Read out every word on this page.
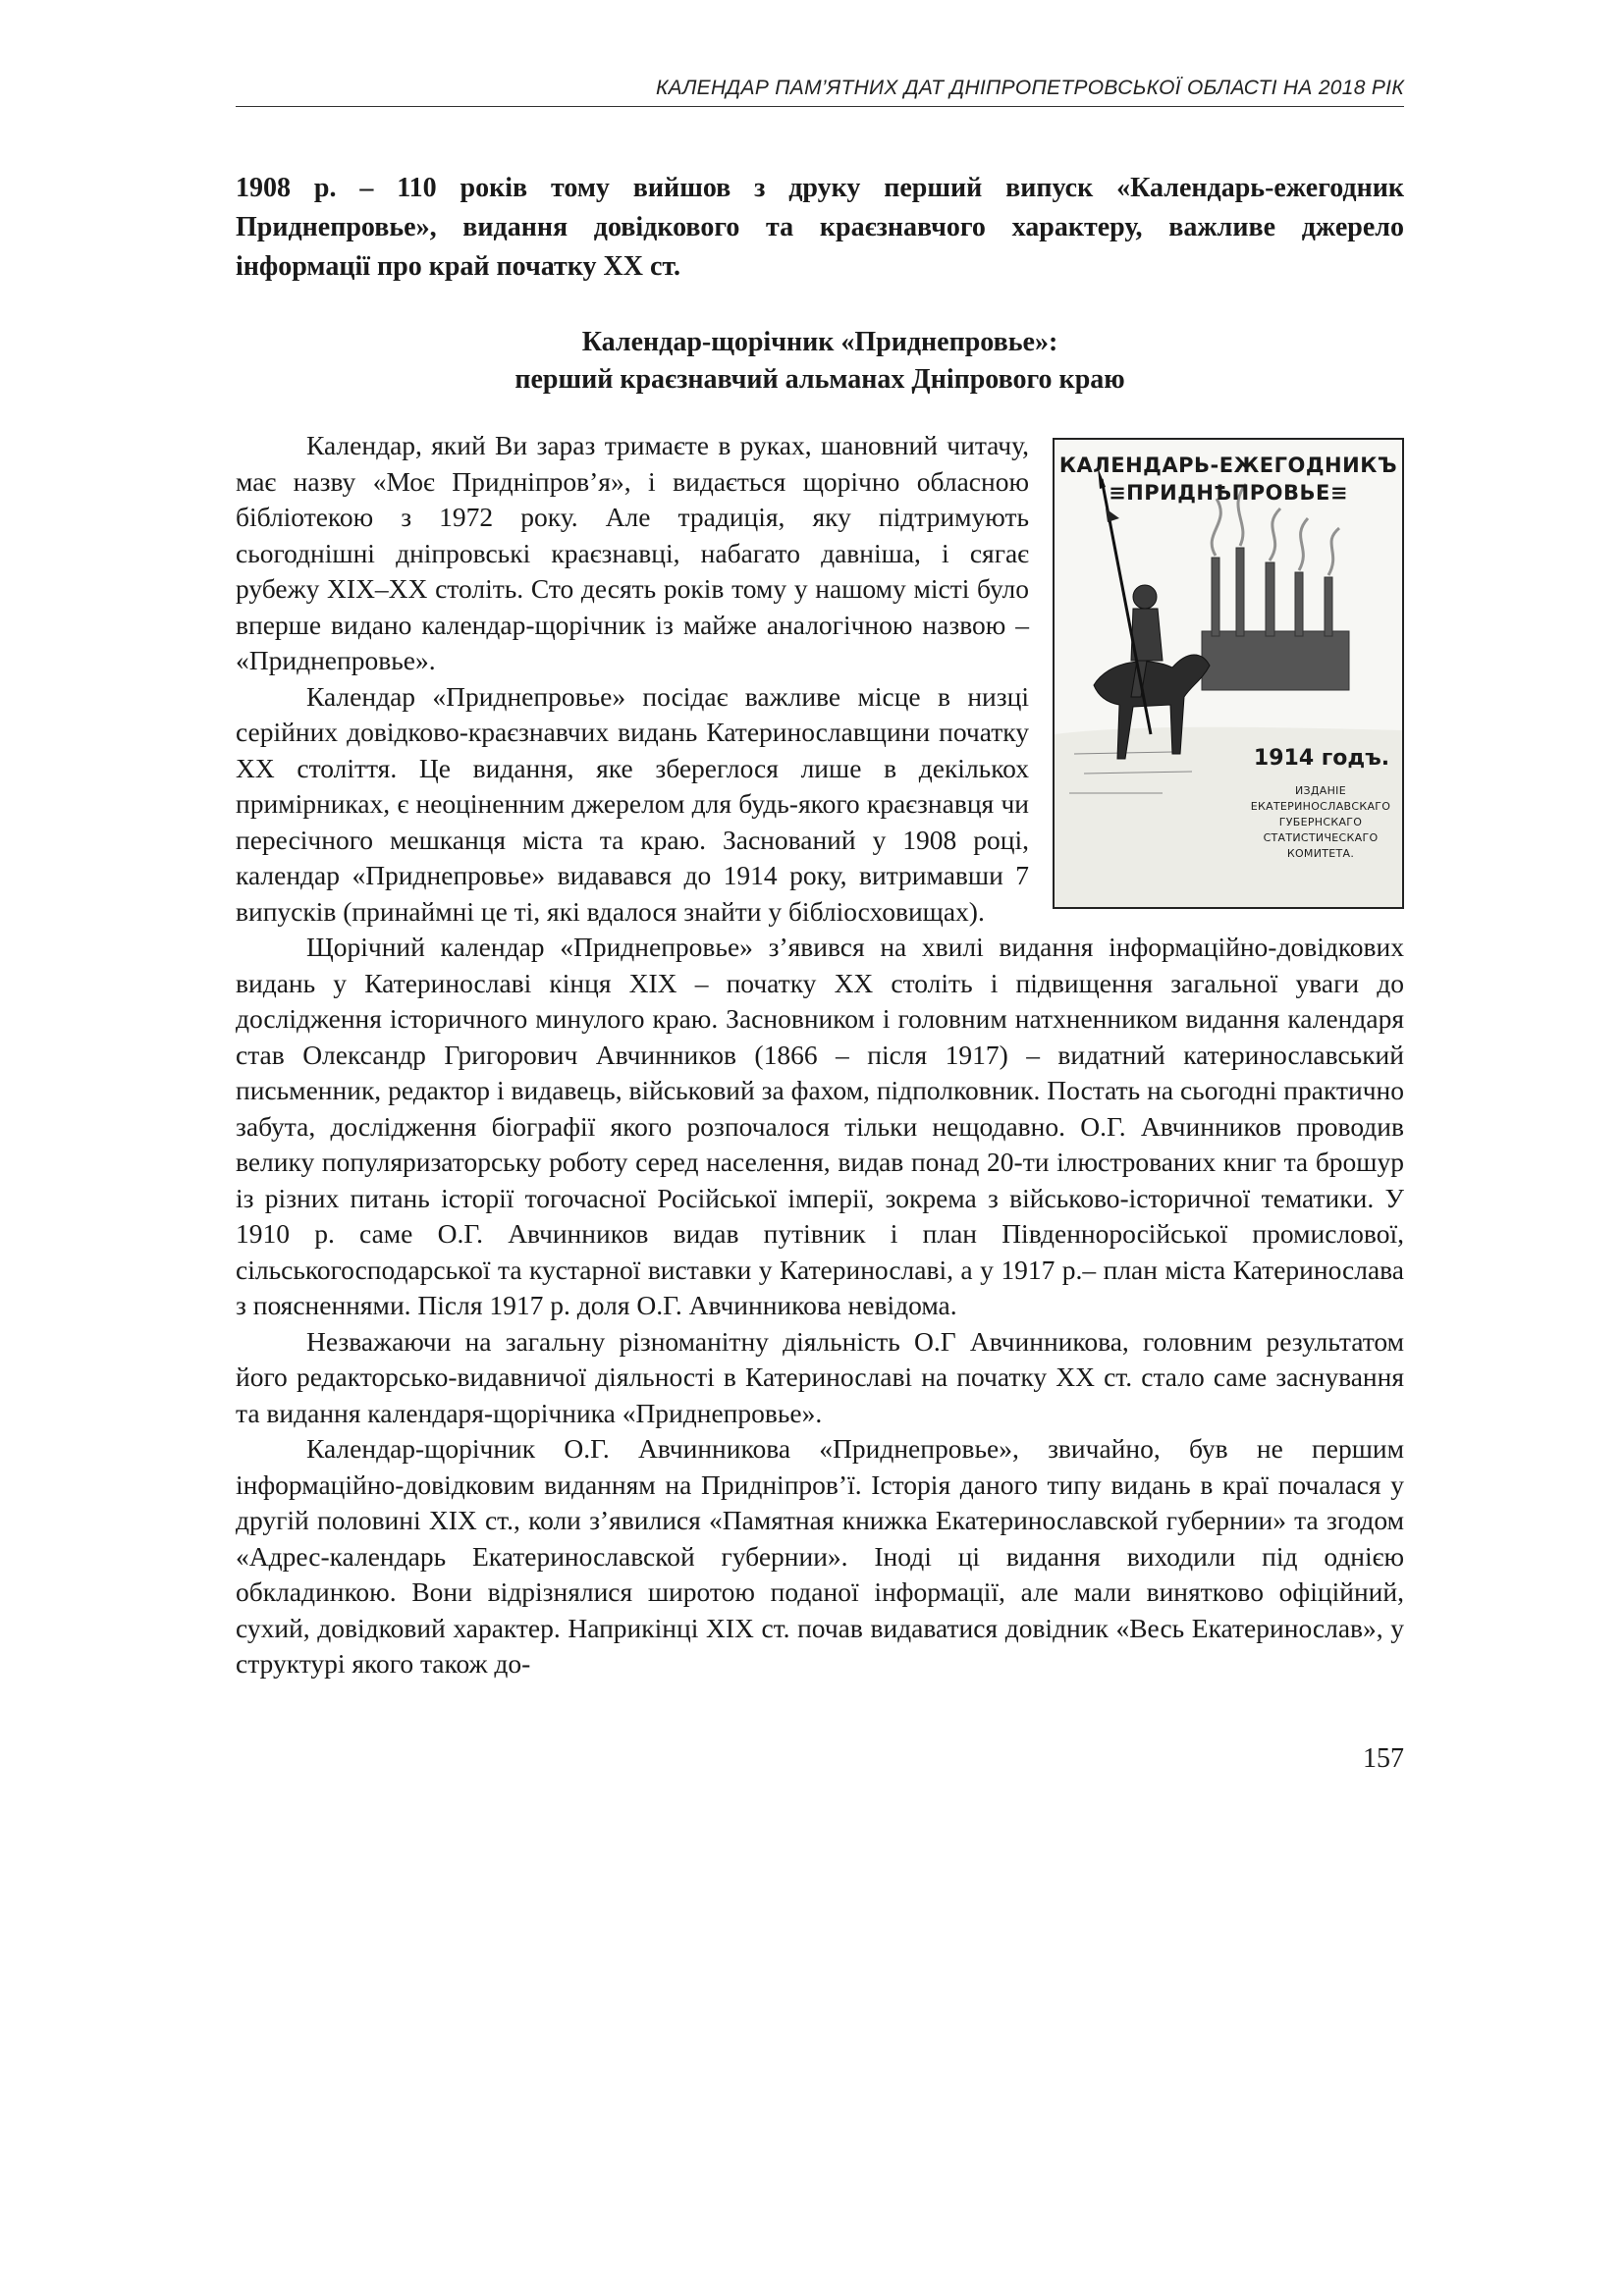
КАЛЕНДАР ПАМ’ЯТНИХ ДАТ ДНІПРОПЕТРОВСЬКОЇ ОБЛАСТІ НА 2018 РІК

1908 р. – 110 років тому вийшов з друку перший випуск «Календарь-ежегодник Приднепровье», видання довідкового та краєзнавчого характеру, важливе джерело інформації про край початку ХХ ст.

Календар-щорічник «Приднепровье»:
перший краєзнавчий альманах Дніпрового краю
КАЛЕНДАРЬ-ЕЖЕГОДНИКЪ
≡ПРИДНѢПРОВЬЕ≡
1914 годъ.
ИЗДАНІЕ
ЕКАТЕРИНОСЛАВСКАГО
ГУБЕРНСКАГО
СТАТИСТИЧЕСКАГО
КОМИТЕТА.

Календар, який Ви зараз тримаєте в руках, шановний читачу, має назву «Моє Придніпров’я», і видається щорічно обласною бібліотекою з 1972 року. Але традиція, яку підтримують сьогоднішні дніпровські краєзнавці, набагато давніша, і сягає рубежу ХІХ–ХХ століть. Сто десять років тому у нашому місті було вперше видано календар-щорічник із майже аналогічною назвою – «Приднепровье».

Календар «Приднепровье» посідає важливе місце в низці серійних довідково-краєзнавчих видань Катеринославщини початку ХХ століття. Це видання, яке збереглося лише в декількох примірниках, є неоціненним джерелом для будь-якого краєзнавця чи пересічного мешканця міста та краю. Заснований у 1908 році, календар «Приднепровье» видавався до 1914 року, витримавши 7 випусків (принаймні це ті, які вдалося знайти у бібліосховищах).

Щорічний календар «Приднепровье» з’явився на хвилі видання інформаційно-довідкових видань у Катеринославі кінця ХІХ – початку ХХ століть і підвищення загальної уваги до дослідження історичного минулого краю. Засновником і головним натхненником видання календаря став Олександр Григорович Авчинников (1866 – після 1917) – видатний катеринославський письменник, редактор і видавець, військовий за фахом, підполковник. Постать на сьогодні практично забута, дослідження біографії якого розпочалося тільки нещодавно. О.Г. Авчинников проводив велику популяризаторську роботу серед населення, видав понад 20-ти ілюстрованих книг та брошур із різних питань історії тогочасної Російської імперії, зокрема з військово-історичної тематики. У 1910 р. саме О.Г. Авчинников видав путівник і план Південноросійської промислової, сільськогосподарської та кустарної виставки у Катеринославі, а у 1917 р.– план міста Катеринослава з поясненнями. Після 1917 р. доля О.Г. Авчинникова невідома.

Незважаючи на загальну різноманітну діяльність О.Г Авчинникова, головним результатом його редакторсько-видавничої діяльності в Катеринославі на початку ХХ ст. стало саме заснування та видання календаря-щорічника «Приднепровье».

Календар-щорічник О.Г. Авчинникова «Приднепровье», звичайно, був не першим інформаційно-довідковим виданням на Придніпров’ї. Історія даного типу видань в краї почалася у другій половині ХІХ ст., коли з’явилися «Памятная книжка Екатеринославской губернии» та згодом «Адрес-календарь Екатеринославской губернии». Іноді ці видання виходили під однією обкладинкою. Вони відрізнялися широтою поданої інформації, але мали винятково офіційний, сухий, довідковий характер. Наприкінці ХІХ ст. почав видаватися довідник «Весь Екатеринослав», у структурі якого також до-

157
